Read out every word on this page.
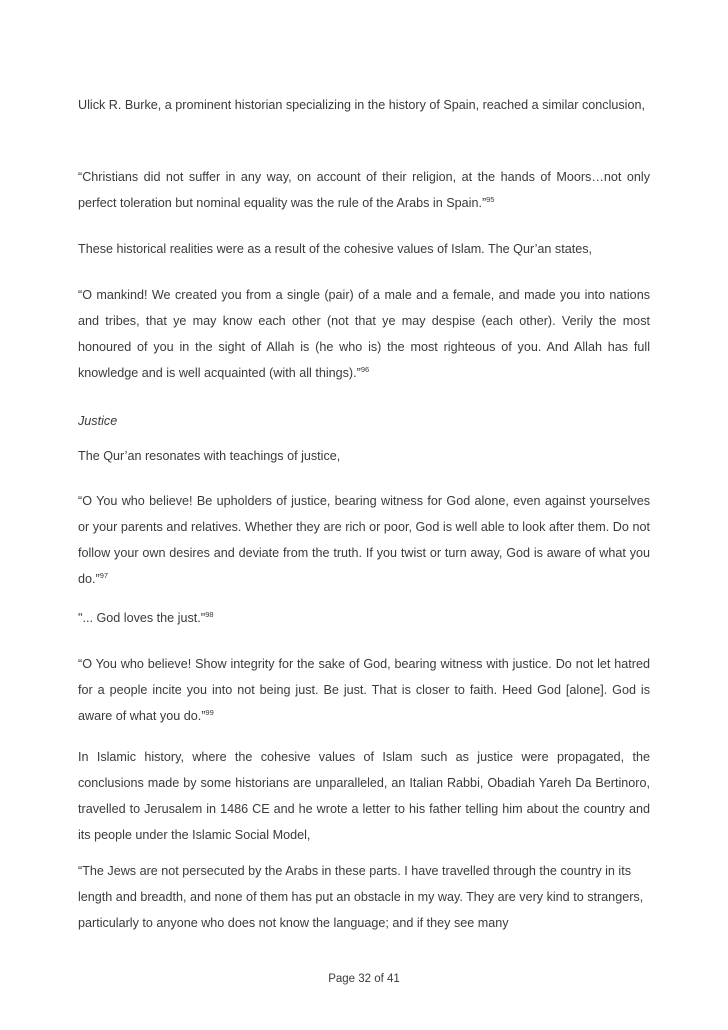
Ulick R. Burke, a prominent historian specializing in the history of Spain, reached a similar conclusion,

“Christians did not suffer in any way, on account of their religion, at the hands of Moors…not only perfect toleration but nominal equality was the rule of the Arabs in Spain.”$^{95}$

These historical realities were as a result of the cohesive values of Islam. The Qur’an states,

“O mankind! We created you from a single (pair) of a male and a female, and made you into nations and tribes, that ye may know each other (not that ye may despise (each other). Verily the most honoured of you in the sight of Allah is (he who is) the most righteous of you. And Allah has full knowledge and is well acquainted (with all things).”$^{96}$

Justice

The Qur’an resonates with teachings of justice,

“O You who believe! Be upholders of justice, bearing witness for God alone, even against yourselves or your parents and relatives. Whether they are rich or poor, God is well able to look after them. Do not follow your own desires and deviate from the truth. If you twist or turn away, God is aware of what you do.”$^{97}$

"... God loves the just."$^{98}$

“O You who believe! Show integrity for the sake of God, bearing witness with justice. Do not let hatred for a people incite you into not being just. Be just. That is closer to faith. Heed God [alone]. God is aware of what you do.”$^{99}$

In Islamic history, where the cohesive values of Islam such as justice were propagated, the conclusions made by some historians are unparalleled, an Italian Rabbi, Obadiah Yareh Da Bertinoro, travelled to Jerusalem in 1486 CE and he wrote a letter to his father telling him about the country and its people under the Islamic Social Model,

“The Jews are not persecuted by the Arabs in these parts. I have travelled through the country in its length and breadth, and none of them has put an obstacle in my way. They are very kind to strangers, particularly to anyone who does not know the language; and if they see many

Page 32 of 41
